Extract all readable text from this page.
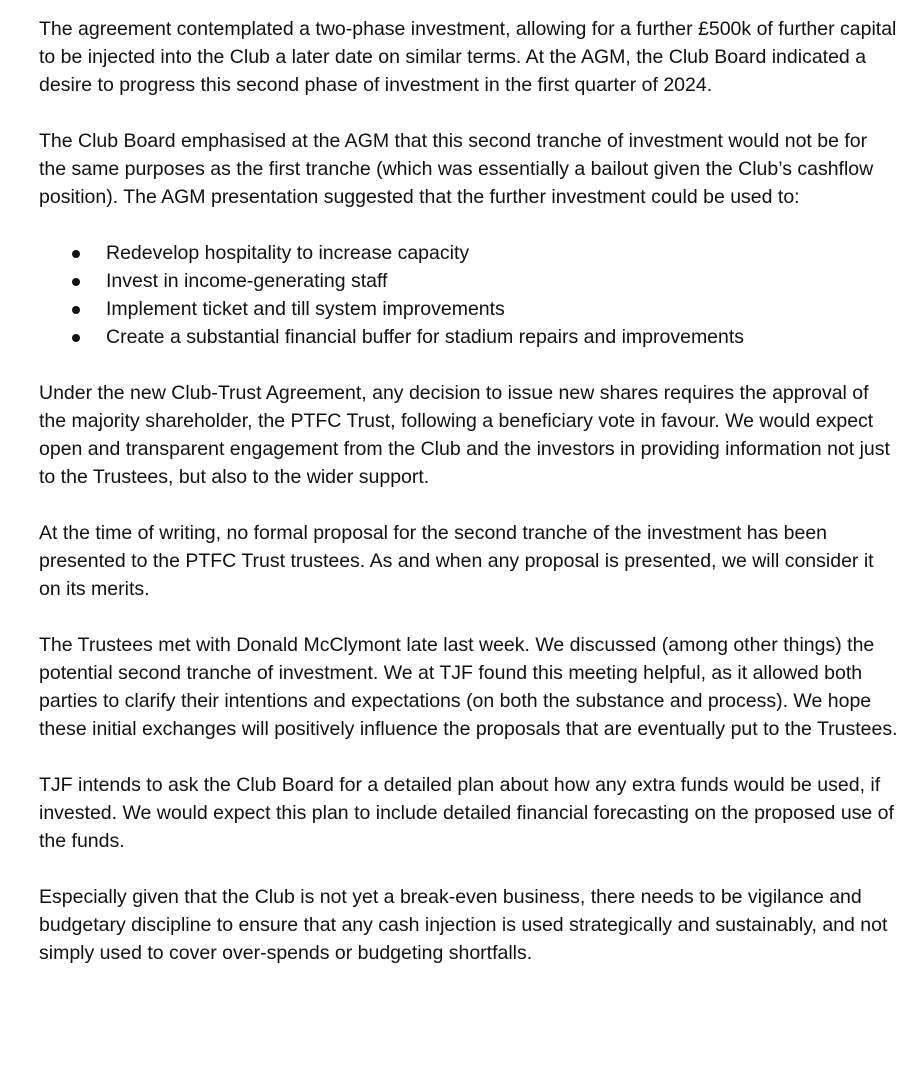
The agreement contemplated a two-phase investment, allowing for a further £500k of further capital to be injected into the Club a later date on similar terms. At the AGM, the Club Board indicated a desire to progress this second phase of investment in the first quarter of 2024.

The Club Board emphasised at the AGM that this second tranche of investment would not be for the same purposes as the first tranche (which was essentially a bailout given the Club’s cashflow position). The AGM presentation suggested that the further investment could be used to:

Redevelop hospitality to increase capacity
Invest in income-generating staff
Implement ticket and till system improvements
Create a substantial financial buffer for stadium repairs and improvements

Under the new Club-Trust Agreement, any decision to issue new shares requires the approval of the majority shareholder, the PTFC Trust, following a beneficiary vote in favour. We would expect open and transparent engagement from the Club and the investors in providing information not just to the Trustees, but also to the wider support.

At the time of writing, no formal proposal for the second tranche of the investment has been presented to the PTFC Trust trustees. As and when any proposal is presented, we will consider it on its merits.

The Trustees met with Donald McClymont late last week. We discussed (among other things) the potential second tranche of investment. We at TJF found this meeting helpful, as it allowed both parties to clarify their intentions and expectations (on both the substance and process). We hope these initial exchanges will positively influence the proposals that are eventually put to the Trustees.

TJF intends to ask the Club Board for a detailed plan about how any extra funds would be used, if invested. We would expect this plan to include detailed financial forecasting on the proposed use of the funds.

Especially given that the Club is not yet a break-even business, there needs to be vigilance and budgetary discipline to ensure that any cash injection is used strategically and sustainably, and not simply used to cover over-spends or budgeting shortfalls.
